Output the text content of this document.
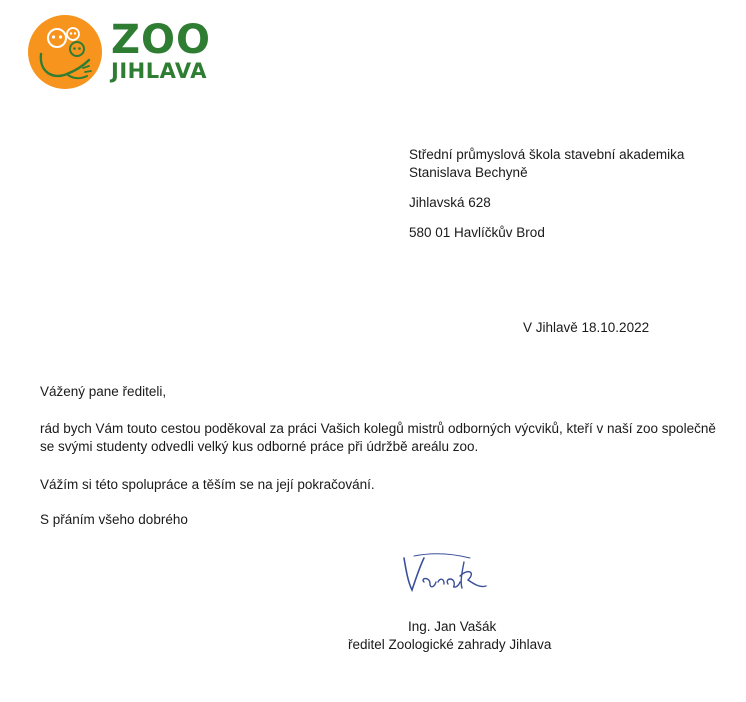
ZOO
JIHLAVA
Střední průmyslová škola stavební akademika
Stanislava Bechyně
Jihlavská 628
580 01 Havlíčkův Brod
V Jihlavě 18.10.2022
Vážený pane řediteli,
rád bych Vám touto cestou poděkoval za práci Vašich kolegů mistrů odborných výcviků, kteří v naší zoo společně
se svými studenty odvedli velký kus odborné práce při údržbě areálu zoo.
Vážím si této spolupráce a těším se na její pokračování.
S přáním všeho dobrého
Ing. Jan Vašák
ředitel Zoologické zahrady Jihlava
